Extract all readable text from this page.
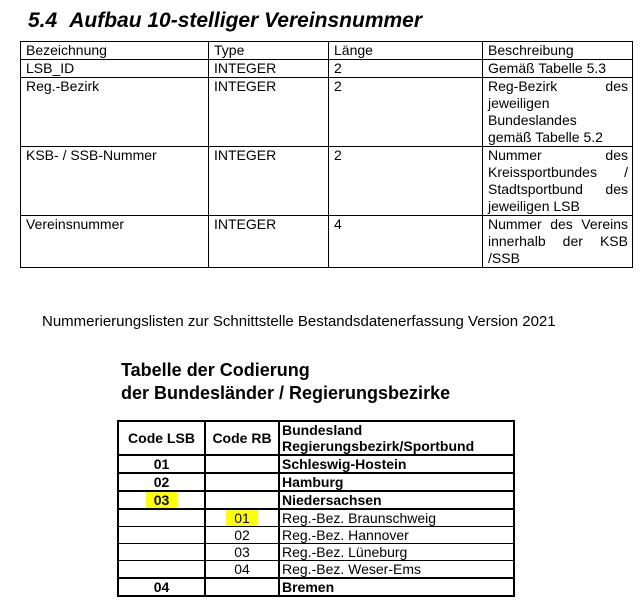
5.4 Aufbau 10-stelliger Vereinsnummer
Bezeichnung	Type	Länge	Beschreibung
LSB_ID	INTEGER	2	Gemäß Tabelle 5.3

Reg.-Bezirk	INTEGER	2	Reg-Bezirk des
jeweiligen
Bundeslandes
gemäß Tabelle 5.2

KSB- / SSB-Nummer	INTEGER	2	Nummer des
Kreissportbundes /
Stadtsportbund des
jeweiligen LSB

Vereinsnummer	INTEGER	4	Nummer des Vereins
innerhalb der KSB
/SSB
Nummerierungslisten zur Schnittstelle Bestandsdatenerfassung Version 2021
Tabelle der Codierung
der Bundesländer / Regierungsbezirke
Code LSB	Code RB	Bundesland
Regierungsbezirk/Sportbund

01		Schleswig-Hostein
02		Hamburg
03		Niedersachsen
	01	Reg.-Bez. Braunschweig
	02	Reg.-Bez. Hannover
	03	Reg.-Bez. Lüneburg
	04	Reg.-Bez. Weser-Ems
04		Bremen
